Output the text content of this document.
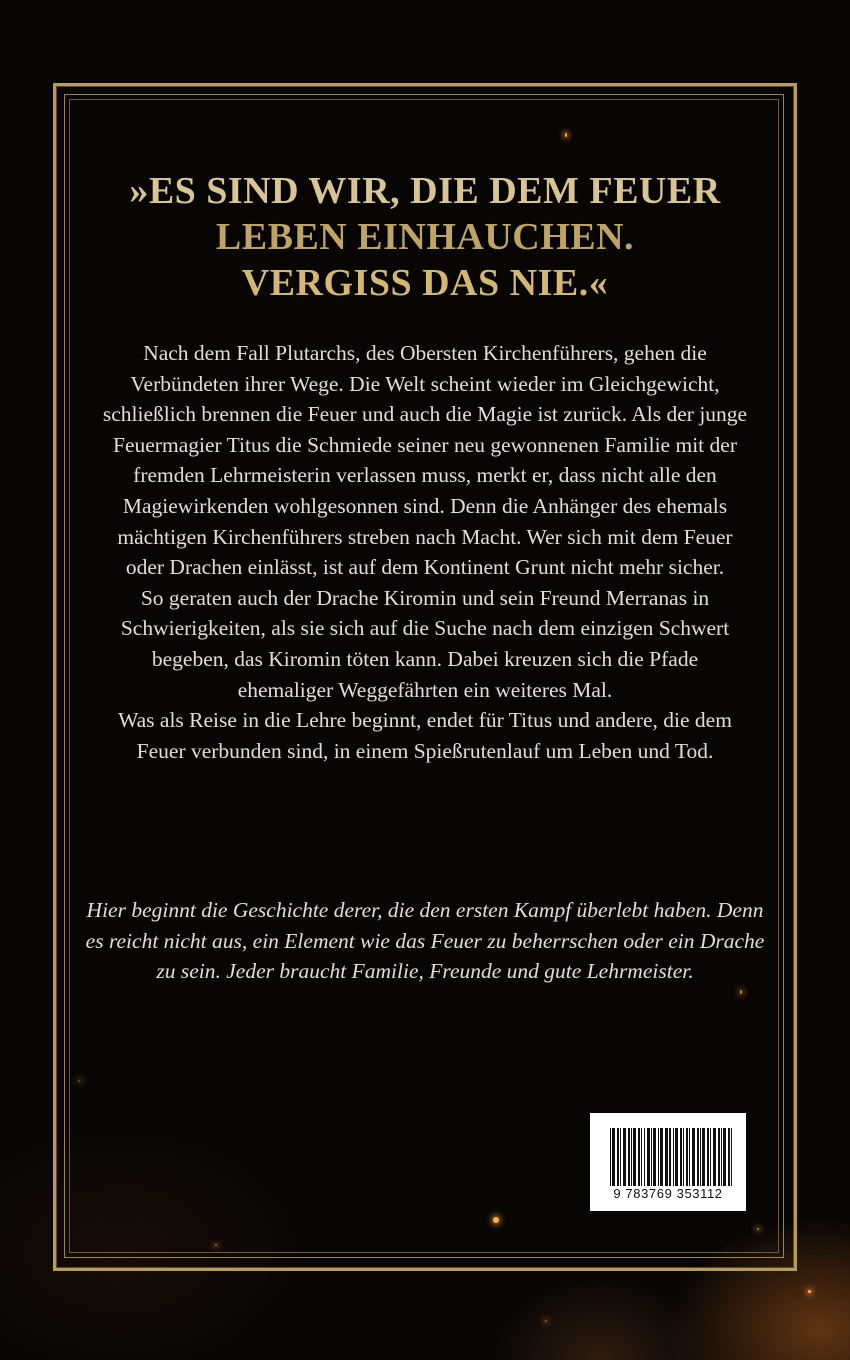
»ES SIND WIR, DIE DEM FEUER
LEBEN EINHAUCHEN.
VERGISS DAS NIE.«

Nach dem Fall Plutarchs, des Obersten Kirchenführers, gehen die
Verbündeten ihrer Wege. Die Welt scheint wieder im Gleichgewicht,
schließlich brennen die Feuer und auch die Magie ist zurück. Als der junge
Feuermagier Titus die Schmiede seiner neu gewonnenen Familie mit der
fremden Lehrmeisterin verlassen muss, merkt er, dass nicht alle den
Magiewirkenden wohlgesonnen sind. Denn die Anhänger des ehemals
mächtigen Kirchenführers streben nach Macht. Wer sich mit dem Feuer
oder Drachen einlässt, ist auf dem Kontinent Grunt nicht mehr sicher.
So geraten auch der Drache Kiromin und sein Freund Merranas in
Schwierigkeiten, als sie sich auf die Suche nach dem einzigen Schwert
begeben, das Kiromin töten kann. Dabei kreuzen sich die Pfade
ehemaliger Weggefährten ein weiteres Mal.
Was als Reise in die Lehre beginnt, endet für Titus und andere, die dem
Feuer verbunden sind, in einem Spießrutenlauf um Leben und Tod.

Hier beginnt die Geschichte derer, die den ersten Kampf überlebt haben. Denn
es reicht nicht aus, ein Element wie das Feuer zu beherrschen oder ein Drache
zu sein. Jeder braucht Familie, Freunde und gute Lehrmeister.

9 783769 353112
